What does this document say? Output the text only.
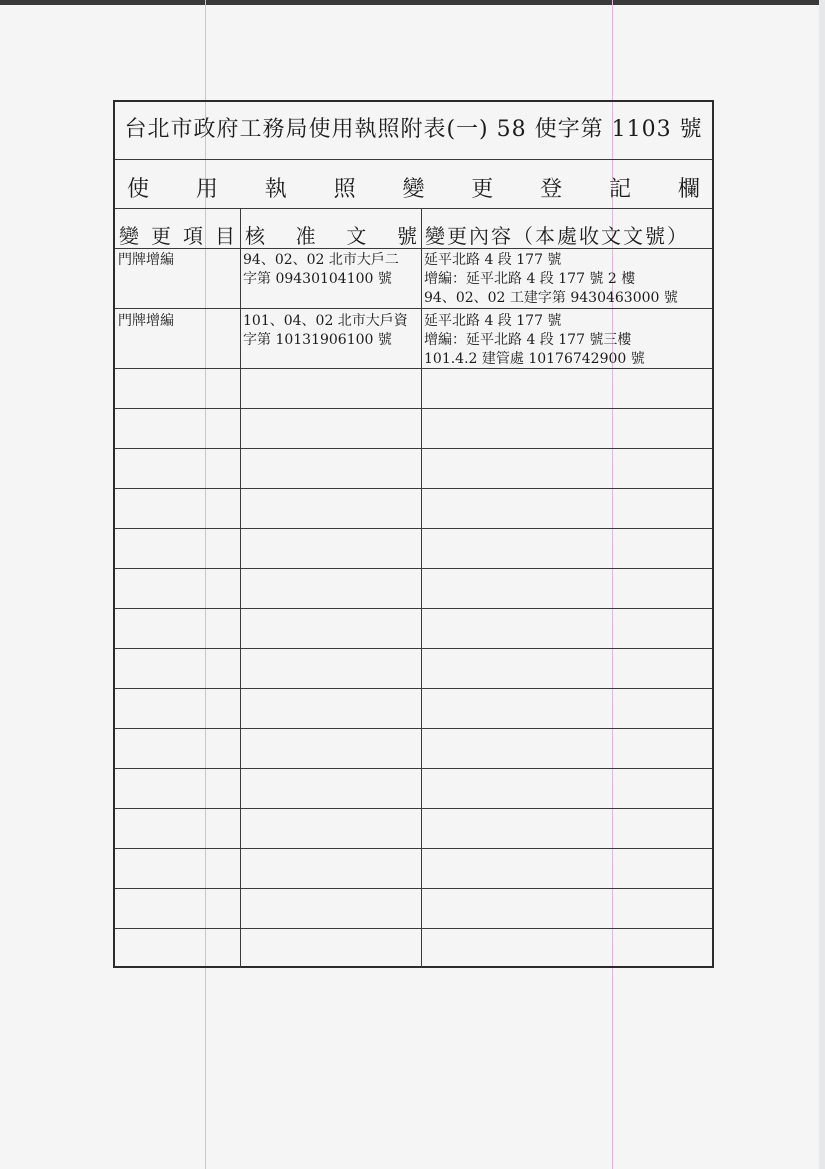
台北市政府工務局使用執照附表(一) 58 使字第 1103 號
使 用 執 照 變 更 登 記 欄
變 更 項 目 核 准 文 號 變更內容（本處收文文號）
門牌增編	94、02、02 北市大戶二
字第 09430104100 號
延平北路 4 段 177 號
增編：延平北路 4 段 177 號 2 樓
94、02、02 工建字第 9430463000 號
門牌增編	101、04、02 北市大戶資
字第 10131906100 號
延平北路 4 段 177 號
增編：延平北路 4 段 177 號三樓
101.4.2 建管處 10176742900 號
